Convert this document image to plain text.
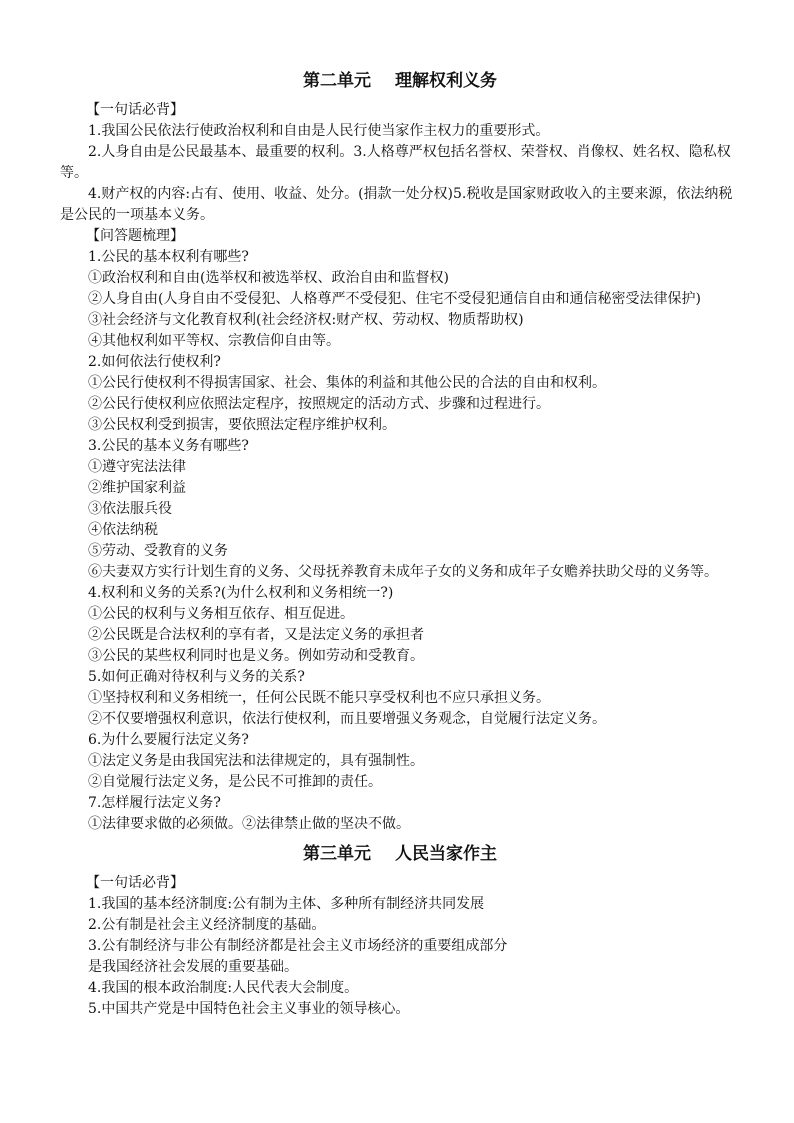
第二单元 理解权利义务
【一句话必背】
1.我国公民依法行使政治权利和自由是人民行使当家作主权力的重要形式。
2.人身自由是公民最基本、最重要的权利。3.人格尊严权包括名誉权、荣誉权、肖像权、姓名权、隐私权等。
4.财产权的内容:占有、使用、收益、处分。(捐款一处分权)5.税收是国家财政收入的主要来源，依法纳税是公民的一项基本义务。
【问答题梳理】
1.公民的基本权利有哪些?
①政治权利和自由(选举权和被选举权、政治自由和监督权)
②人身自由(人身自由不受侵犯、人格尊严不受侵犯、住宅不受侵犯通信自由和通信秘密受法律保护)
③社会经济与文化教育权利(社会经济权:财产权、劳动权、物质帮助权)
④其他权利如平等权、宗教信仰自由等。
2.如何依法行使权利?
①公民行使权利不得损害国家、社会、集体的利益和其他公民的合法的自由和权利。
②公民行使权利应依照法定程序，按照规定的活动方式、步骤和过程进行。
③公民权利受到损害，要依照法定程序维护权利。
3.公民的基本义务有哪些?
①遵守宪法法律
②维护国家利益
③依法服兵役
④依法纳税
⑤劳动、受教育的义务
⑥夫妻双方实行计划生育的义务、父母抚养教育未成年子女的义务和成年子女赡养扶助父母的义务等。
4.权利和义务的关系?(为什么权利和义务相统一?)
①公民的权利与义务相互依存、相互促进。
②公民既是合法权利的享有者，又是法定义务的承担者
③公民的某些权利同时也是义务。例如劳动和受教育。
5.如何正确对待权利与义务的关系?
①坚持权利和义务相统一，任何公民既不能只享受权利也不应只承担义务。
②不仅要增强权利意识，依法行使权利，而且要增强义务观念，自觉履行法定义务。
6.为什么要履行法定义务?
①法定义务是由我国宪法和法律规定的，具有强制性。
②自觉履行法定义务，是公民不可推卸的责任。
7.怎样履行法定义务?
①法律要求做的必须做。②法律禁止做的坚决不做。
第三单元 人民当家作主
【一句话必背】
1.我国的基本经济制度:公有制为主体、多种所有制经济共同发展
2.公有制是社会主义经济制度的基础。
3.公有制经济与非公有制经济都是社会主义市场经济的重要组成部分
是我国经济社会发展的重要基础。
4.我国的根本政治制度:人民代表大会制度。
5.中国共产党是中国特色社会主义事业的领导核心。
